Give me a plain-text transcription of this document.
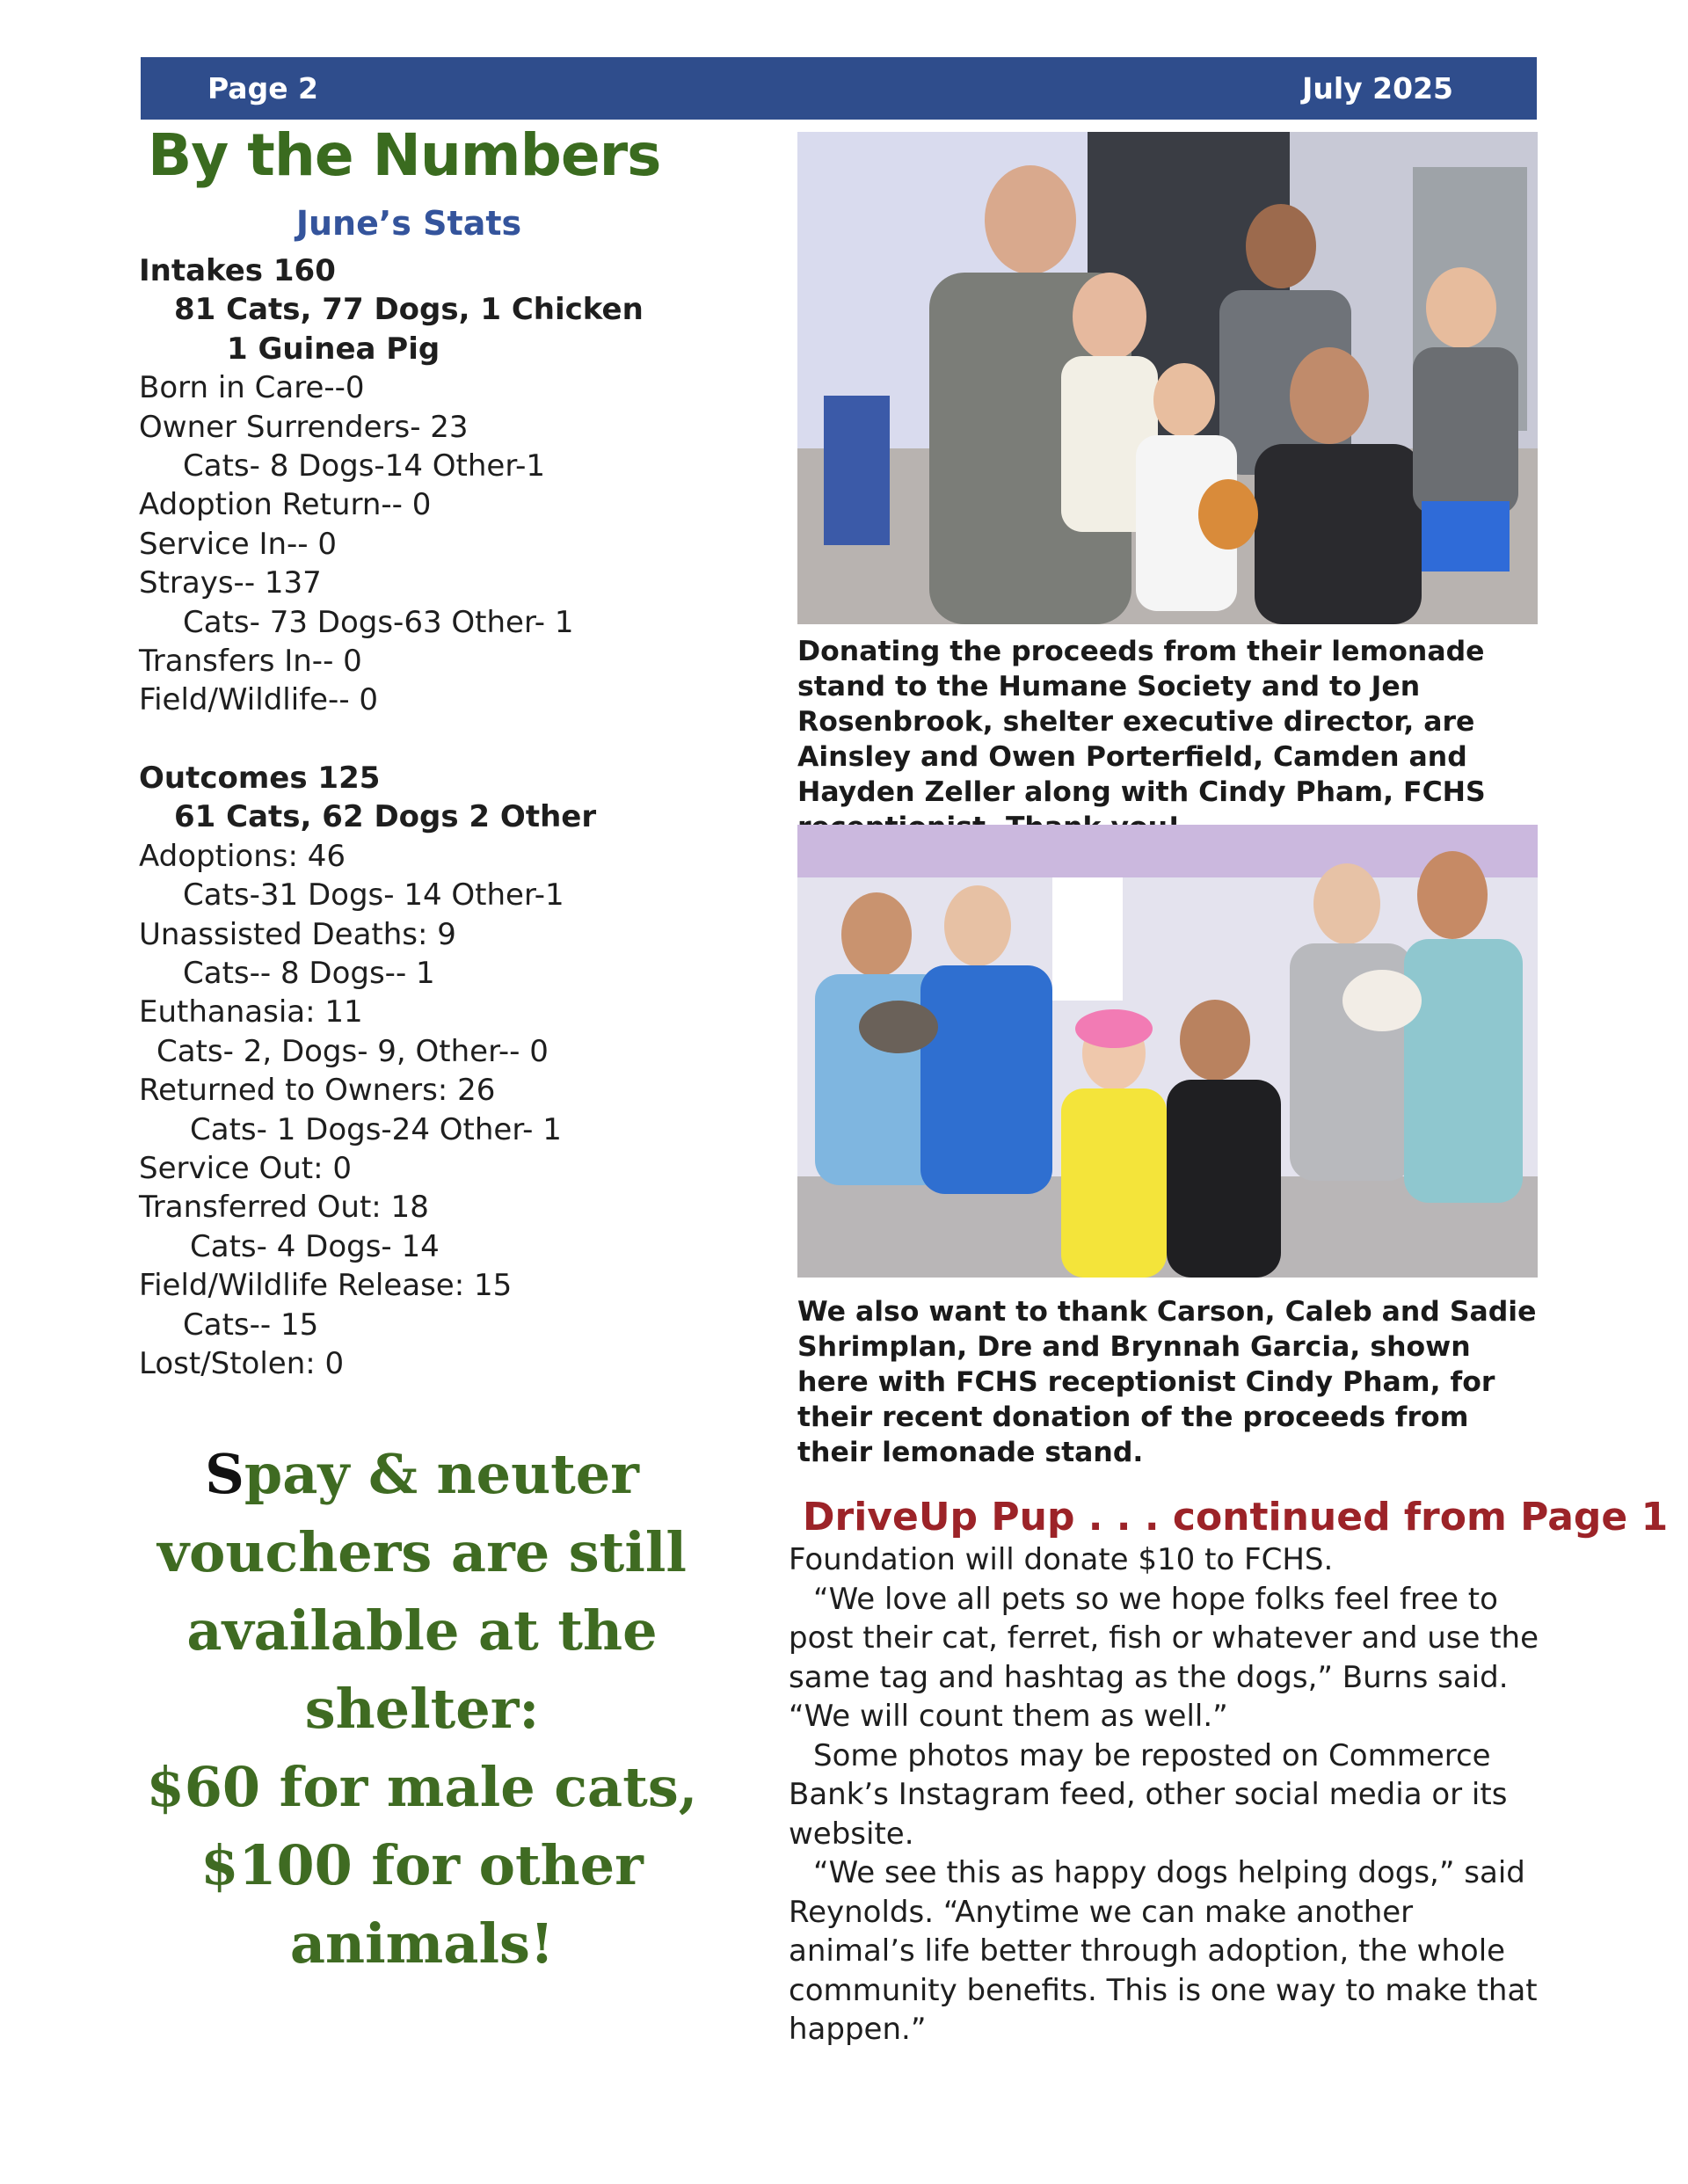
Page 2	July 2025
By the Numbers
June’s Stats
Intakes 160
81 Cats, 77 Dogs, 1 Chicken
1 Guinea Pig
Born in Care--0
Owner Surrenders- 23
Cats- 8 Dogs-14 Other-1
Adoption Return-- 0
Service In-- 0
Strays-- 137
Cats- 73 Dogs-63 Other- 1
Transfers In-- 0
Field/Wildlife-- 0
Outcomes 125
61 Cats, 62 Dogs 2 Other
Adoptions: 46
Cats-31 Dogs- 14 Other-1
Unassisted Deaths: 9
Cats-- 8 Dogs-- 1
Euthanasia: 11
Cats- 2, Dogs- 9, Other-- 0
Returned to Owners: 26
Cats- 1 Dogs-24 Other- 1
Service Out: 0
Transferred Out: 18
Cats- 4 Dogs- 14
Field/Wildlife Release: 15
Cats-- 15
Lost/Stolen: 0
Spay & neuter vouchers are still available at the shelter:
$60 for male cats, $100 for other animals!

Donating the proceeds from their lemonade stand to the Humane Society and to Jen Rosenbrook, shelter executive director, are Ainsley and Owen Porterfield, Camden and Hayden Zeller along with Cindy Pham, FCHS

We also want to thank Carson, Caleb and Sadie Shrimplan, Dre and Brynnah Garcia, shown here with FCHS receptionist Cindy Pham, for their recent donation of the proceeds from their lemonade stand.

DriveUp Pup . . . continued from Page 1

Foundation will donate $10 to FCHS.

“We love all pets so we hope folks feel free to post their cat, ferret, fish or whatever and use the same tag and hashtag as the dogs,” Burns said. “We will count them as well.”

Some photos may be reposted on Commerce Bank’s Instagram feed, other social media or its website.

“We see this as happy dogs helping dogs,” said Reynolds. “Anytime we can make another animal’s life better through adoption, the whole community benefits. This is one way to make that happen.”
